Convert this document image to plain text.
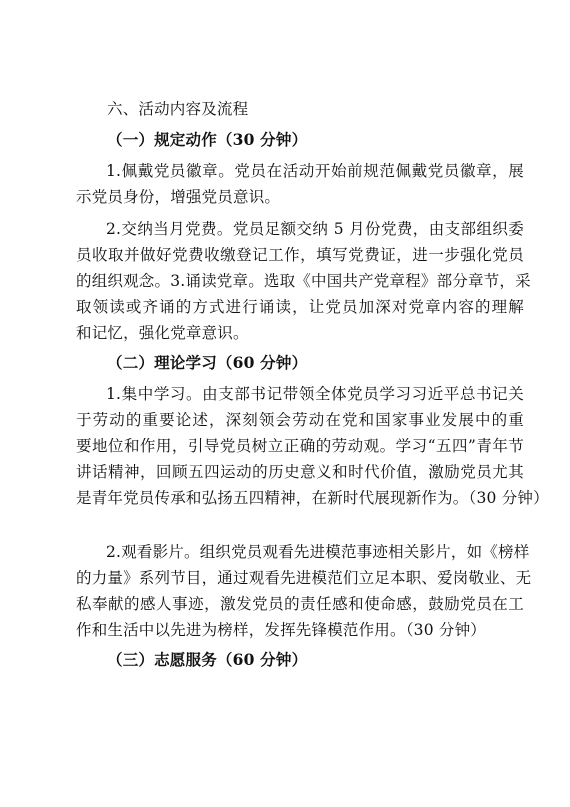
六、活动内容及流程
（一）规定动作（30 分钟）
1.佩戴党员徽章。党员在活动开始前规范佩戴党员徽章，展
示党员身份，增强党员意识。
2.交纳当月党费。党员足额交纳 5 月份党费，由支部组织委
员收取并做好党费收缴登记工作，填写党费证，进一步强化党员
的组织观念。3.诵读党章。选取《中国共产党章程》部分章节，采
取领读或齐诵的方式进行诵读，让党员加深对党章内容的理解
和记忆，强化党章意识。
（二）理论学习（60 分钟）
1.集中学习。由支部书记带领全体党员学习习近平总书记关
于劳动的重要论述，深刻领会劳动在党和国家事业发展中的重
要地位和作用，引导党员树立正确的劳动观。学习“五四”青年节
讲话精神，回顾五四运动的历史意义和时代价值，激励党员尤其
是青年党员传承和弘扬五四精神，在新时代展现新作为。（30 分钟）
2.观看影片。组织党员观看先进模范事迹相关影片，如《榜样
的力量》系列节目，通过观看先进模范们立足本职、爱岗敬业、无
私奉献的感人事迹，激发党员的责任感和使命感，鼓励党员在工
作和生活中以先进为榜样，发挥先锋模范作用。（30 分钟）
（三）志愿服务（60 分钟）
